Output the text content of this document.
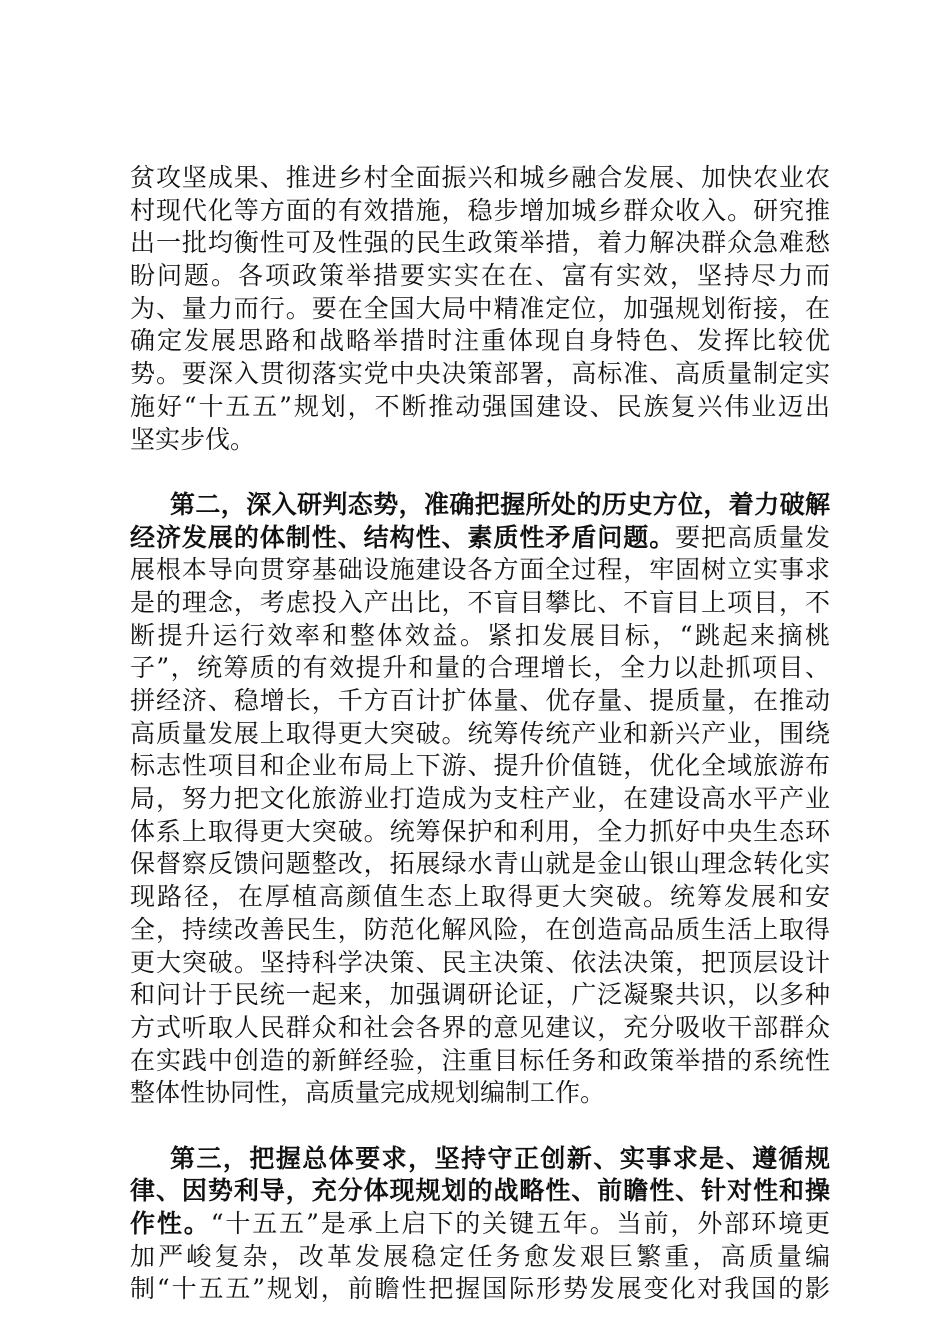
贫攻坚成果、推进乡村全面振兴和城乡融合发展、加快农业农
村现代化等方面的有效措施，稳步增加城乡群众收入。研究推
出一批均衡性可及性强的民生政策举措，着力解决群众急难愁
盼问题。各项政策举措要实实在在、富有实效，坚持尽力而
为、量力而行。要在全国大局中精准定位，加强规划衔接，在
确定发展思路和战略举措时注重体现自身特色、发挥比较优
势。要深入贯彻落实党中央决策部署，高标准、高质量制定实
施好“十五五”规划，不断推动强国建设、民族复兴伟业迈出
坚实步伐。
第二，深入研判态势，准确把握所处的历史方位，着力破解
经济发展的体制性、结构性、素质性矛盾问题。要把高质量发
展根本导向贯穿基础设施建设各方面全过程，牢固树立实事求
是的理念，考虑投入产出比，不盲目攀比、不盲目上项目，不
断提升运行效率和整体效益。紧扣发展目标，“跳起来摘桃
子”，统筹质的有效提升和量的合理增长，全力以赴抓项目、
拼经济、稳增长，千方百计扩体量、优存量、提质量，在推动
高质量发展上取得更大突破。统筹传统产业和新兴产业，围绕
标志性项目和企业布局上下游、提升价值链，优化全域旅游布
局，努力把文化旅游业打造成为支柱产业，在建设高水平产业
体系上取得更大突破。统筹保护和利用，全力抓好中央生态环
保督察反馈问题整改，拓展绿水青山就是金山银山理念转化实
现路径，在厚植高颜值生态上取得更大突破。统筹发展和安
全，持续改善民生，防范化解风险，在创造高品质生活上取得
更大突破。坚持科学决策、民主决策、依法决策，把顶层设计
和问计于民统一起来，加强调研论证，广泛凝聚共识，以多种
方式听取人民群众和社会各界的意见建议，充分吸收干部群众
在实践中创造的新鲜经验，注重目标任务和政策举措的系统性
整体性协同性，高质量完成规划编制工作。
第三，把握总体要求，坚持守正创新、实事求是、遵循规
律、因势利导，充分体现规划的战略性、前瞻性、针对性和操
作性。“十五五”是承上启下的关键五年。当前，外部环境更
加严峻复杂，改革发展稳定任务愈发艰巨繁重，高质量编
制“十五五”规划，前瞻性把握国际形势发展变化对我国的影
